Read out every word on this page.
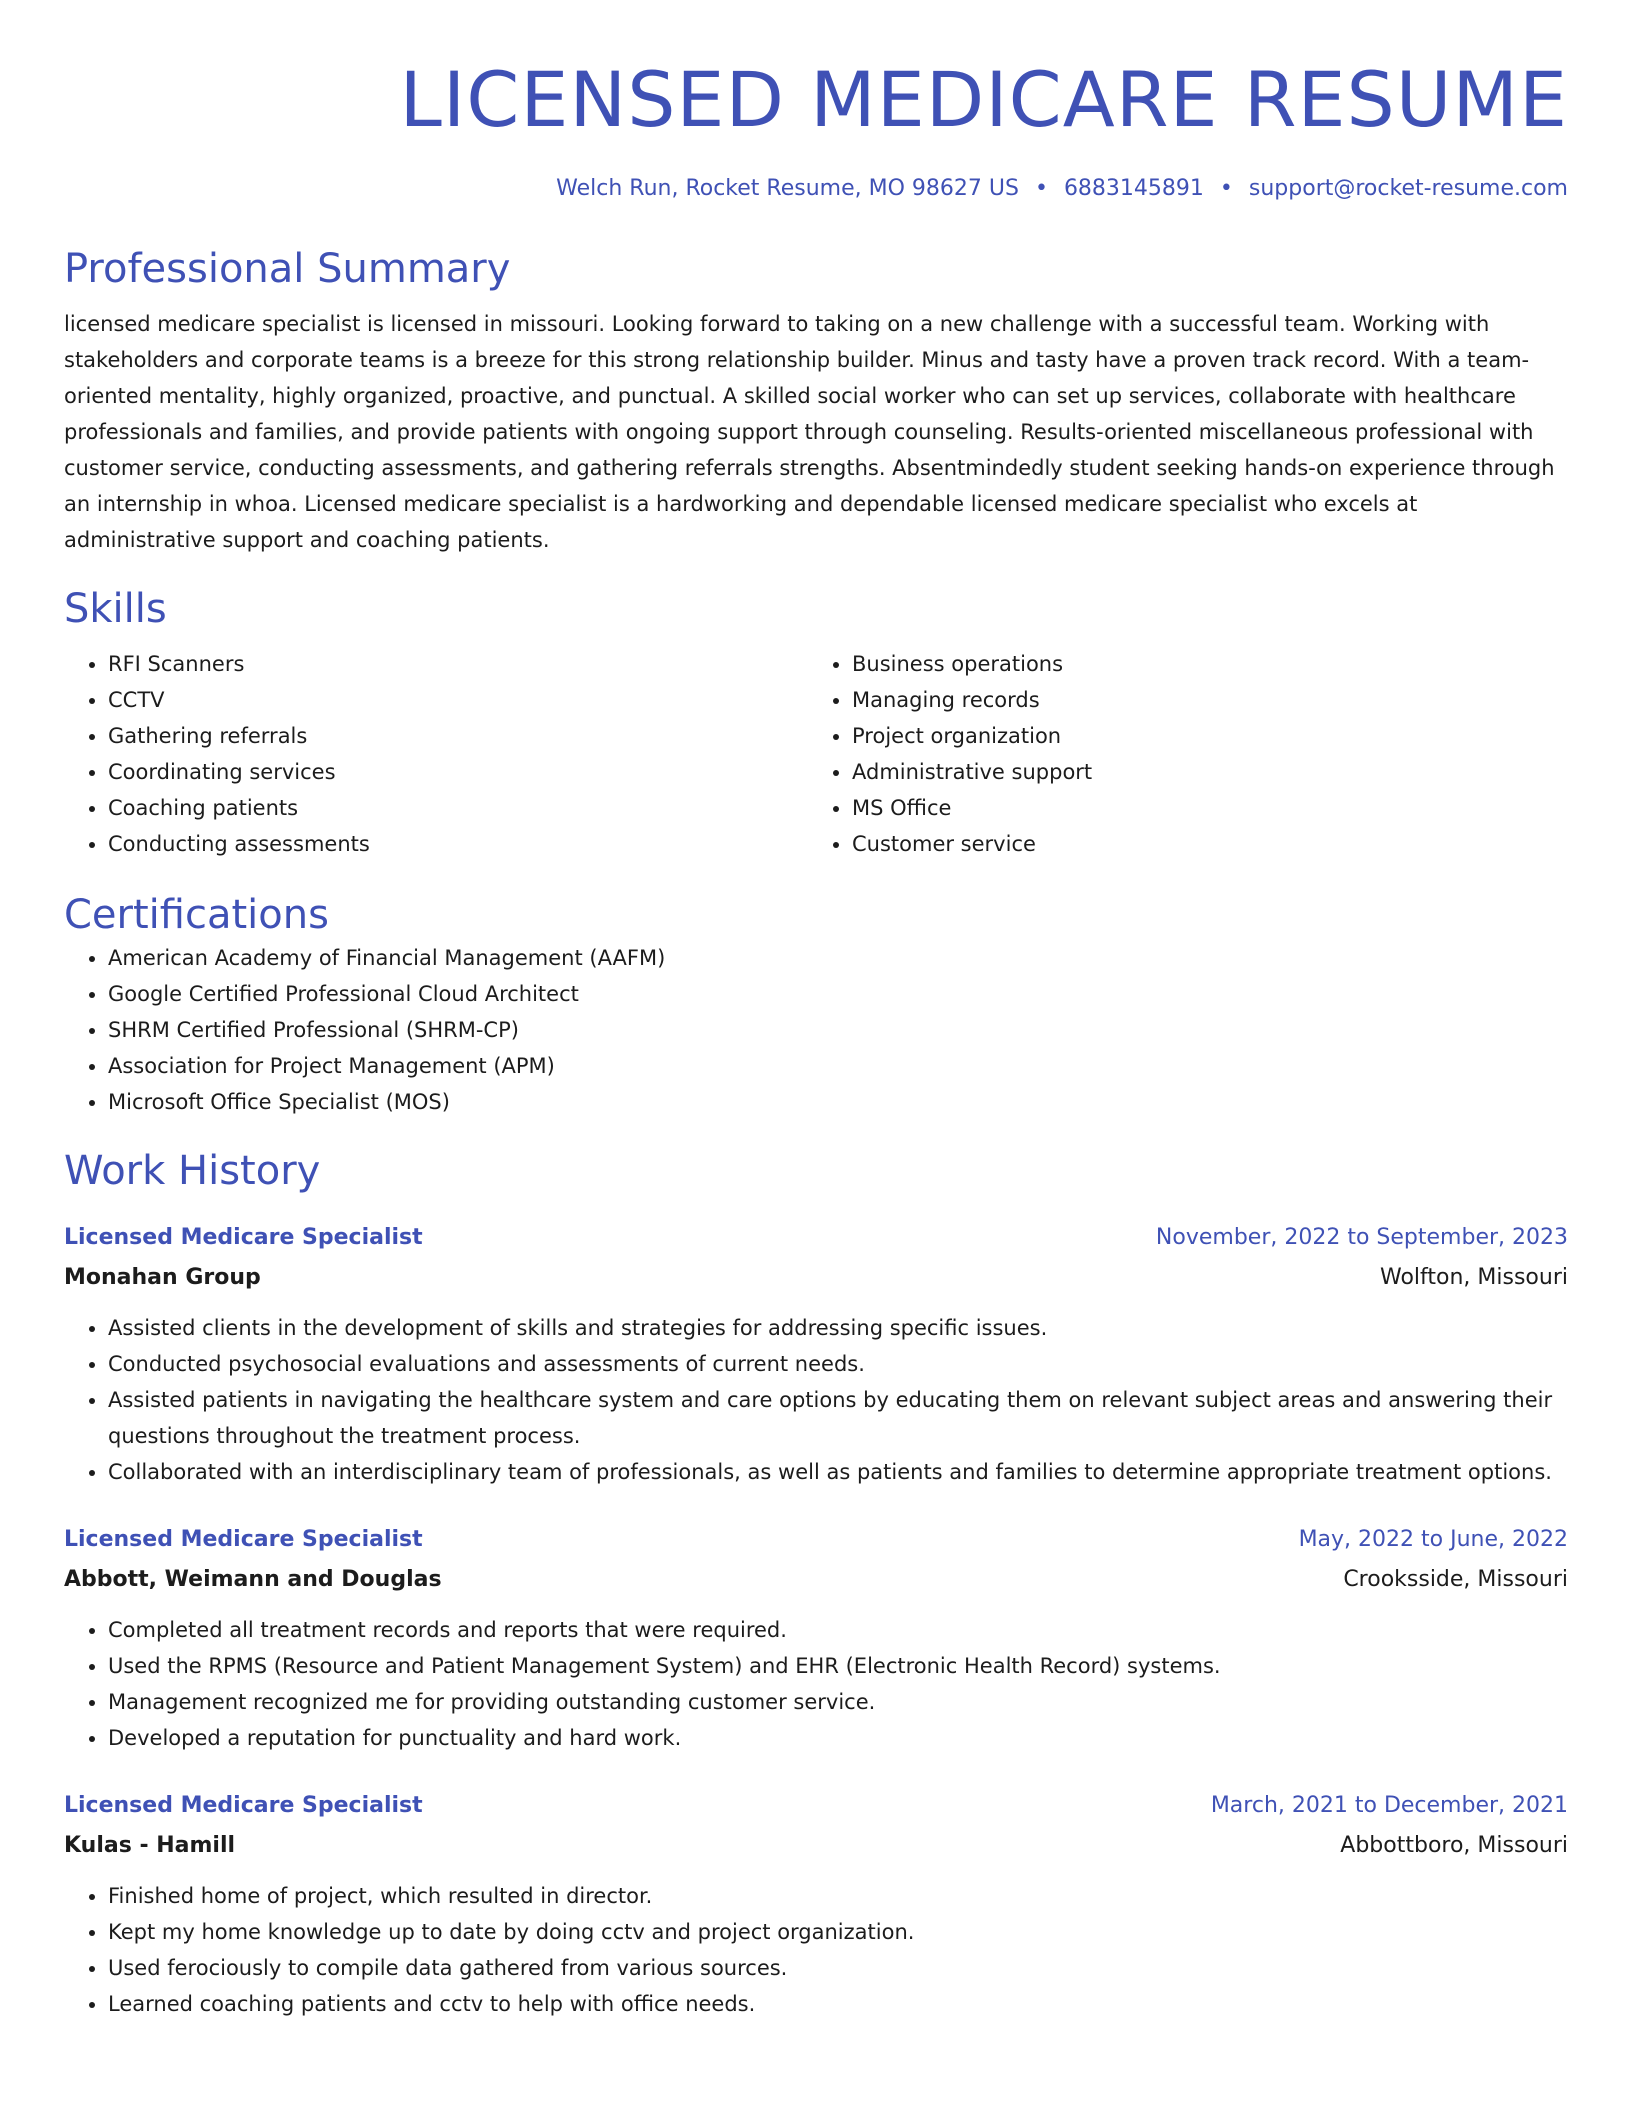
LICENSED MEDICARE RESUME
Welch Run, Rocket Resume, MO 98627 US • 6883145891 • support@rocket-resume.com
Professional Summary
licensed medicare specialist is licensed in missouri. Looking forward to taking on a new challenge with a successful team. Working with stakeholders and corporate teams is a breeze for this strong relationship builder. Minus and tasty have a proven track record. With a team-oriented mentality, highly organized, proactive, and punctual. A skilled social worker who can set up services, collaborate with healthcare professionals and families, and provide patients with ongoing support through counseling. Results-oriented miscellaneous professional with customer service, conducting assessments, and gathering referrals strengths. Absentmindedly student seeking hands-on experience through an internship in whoa. Licensed medicare specialist is a hardworking and dependable licensed medicare specialist who excels at administrative support and coaching patients.
Skills
• RFI Scanners
• CCTV
• Gathering referrals
• Coordinating services
• Coaching patients
• Conducting assessments
• Business operations
• Managing records
• Project organization
• Administrative support
• MS Office
• Customer service
Certifications
• American Academy of Financial Management (AAFM)
• Google Certified Professional Cloud Architect
• SHRM Certified Professional (SHRM-CP)
• Association for Project Management (APM)
• Microsoft Office Specialist (MOS)
Work History
Licensed Medicare Specialist	November, 2022 to September, 2023
Monahan Group	Wolfton, Missouri
• Assisted clients in the development of skills and strategies for addressing specific issues.
• Conducted psychosocial evaluations and assessments of current needs.
• Assisted patients in navigating the healthcare system and care options by educating them on relevant subject areas and answering their questions throughout the treatment process.
• Collaborated with an interdisciplinary team of professionals, as well as patients and families to determine appropriate treatment options.
Licensed Medicare Specialist	May, 2022 to June, 2022
Abbott, Weimann and Douglas	Crooksside, Missouri
• Completed all treatment records and reports that were required.
• Used the RPMS (Resource and Patient Management System) and EHR (Electronic Health Record) systems.
• Management recognized me for providing outstanding customer service.
• Developed a reputation for punctuality and hard work.
Licensed Medicare Specialist	March, 2021 to December, 2021
Kulas - Hamill	Abbottboro, Missouri
• Finished home of project, which resulted in director.
• Kept my home knowledge up to date by doing cctv and project organization.
• Used ferociously to compile data gathered from various sources.
• Learned coaching patients and cctv to help with office needs.
